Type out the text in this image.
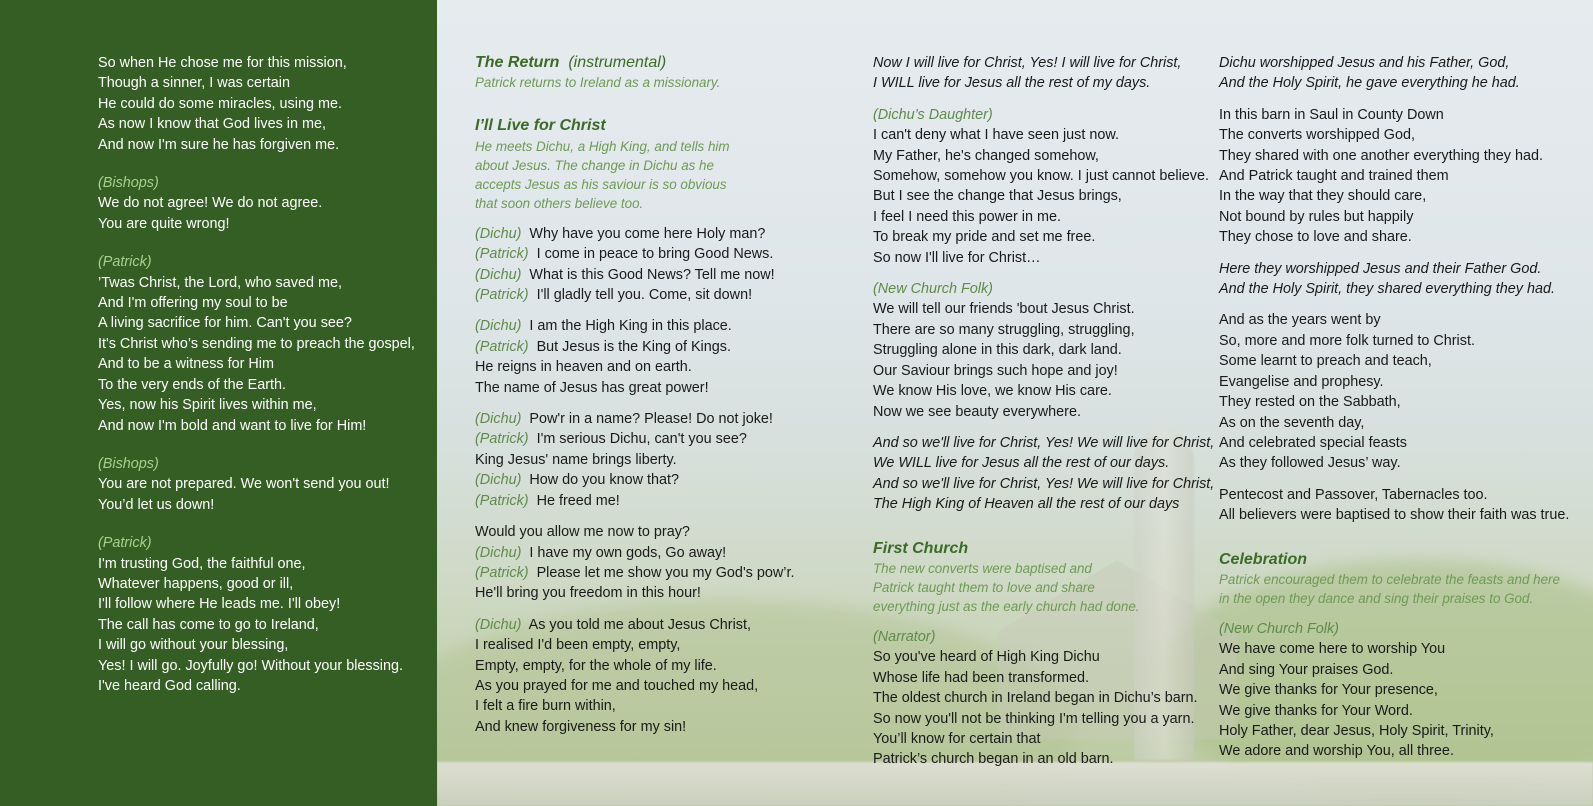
So when He chose me for this mission,
Though a sinner, I was certain
He could do some miracles, using me.
As now I know that God lives in me,
And now I'm sure he has forgiven me.
(Bishops)
We do not agree! We do not agree.
You are quite wrong!
(Patrick)
’Twas Christ, the Lord, who saved me,
And I'm offering my soul to be
A living sacrifice for him. Can't you see?
It's Christ who’s sending me to preach the gospel,
And to be a witness for Him
To the very ends of the Earth.
Yes, now his Spirit lives within me,
And now I'm bold and want to live for Him!
(Bishops)
You are not prepared. We won't send you out!
You’d let us down!
(Patrick)
I'm trusting God, the faithful one,
Whatever happens, good or ill,
I'll follow where He leads me. I'll obey!
The call has come to go to Ireland,
I will go without your blessing,
Yes! I will go. Joyfully go! Without your blessing.
I've heard God calling.
The Return (instrumental)
Patrick returns to Ireland as a missionary.
I’ll Live for Christ
He meets Dichu, a High King, and tells him
about Jesus. The change in Dichu as he
accepts Jesus as his saviour is so obvious
that soon others believe too.
(Dichu) Why have you come here Holy man?
(Patrick) I come in peace to bring Good News.
(Dichu) What is this Good News? Tell me now!
(Patrick) I'll gladly tell you. Come, sit down!
(Dichu) I am the High King in this place.
(Patrick) But Jesus is the King of Kings.
He reigns in heaven and on earth.
The name of Jesus has great power!
(Dichu) Pow'r in a name? Please! Do not joke!
(Patrick) I'm serious Dichu, can't you see?
King Jesus' name brings liberty.
(Dichu) How do you know that?
(Patrick) He freed me!
Would you allow me now to pray?
(Dichu) I have my own gods, Go away!
(Patrick) Please let me show you my God's pow’r.
He'll bring you freedom in this hour!
(Dichu) As you told me about Jesus Christ,
I realised I'd been empty, empty,
Empty, empty, for the whole of my life.
As you prayed for me and touched my head,
I felt a fire burn within,
And knew forgiveness for my sin!
Now I will live for Christ, Yes! I will live for Christ,
I WILL live for Jesus all the rest of my days.
(Dichu’s Daughter)
I can't deny what I have seen just now.
My Father, he's changed somehow,
Somehow, somehow you know. I just cannot believe.
But I see the change that Jesus brings,
I feel I need this power in me.
To break my pride and set me free.
So now I'll live for Christ…
(New Church Folk)
We will tell our friends 'bout Jesus Christ.
There are so many struggling, struggling,
Struggling alone in this dark, dark land.
Our Saviour brings such hope and joy!
We know His love, we know His care.
Now we see beauty everywhere.
And so we'll live for Christ, Yes! We will live for Christ,
We WILL live for Jesus all the rest of our days.
And so we'll live for Christ, Yes! We will live for Christ,
The High King of Heaven all the rest of our days
First Church
The new converts were baptised and
Patrick taught them to love and share
everything just as the early church had done.
(Narrator)
So you've heard of High King Dichu
Whose life had been transformed.
The oldest church in Ireland began in Dichu’s barn.
So now you'll not be thinking I'm telling you a yarn.
You’ll know for certain that
Patrick’s church began in an old barn.
Dichu worshipped Jesus and his Father, God,
And the Holy Spirit, he gave everything he had.
In this barn in Saul in County Down
The converts worshipped God,
They shared with one another everything they had.
And Patrick taught and trained them
In the way that they should care,
Not bound by rules but happily
They chose to love and share.
Here they worshipped Jesus and their Father God.
And the Holy Spirit, they shared everything they had.
And as the years went by
So, more and more folk turned to Christ.
Some learnt to preach and teach,
Evangelise and prophesy.
They rested on the Sabbath,
As on the seventh day,
And celebrated special feasts
As they followed Jesus’ way.
Pentecost and Passover, Tabernacles too.
All believers were baptised to show their faith was true.
Celebration
Patrick encouraged them to celebrate the feasts and here
in the open they dance and sing their praises to God.
(New Church Folk)
We have come here to worship You
And sing Your praises God.
We give thanks for Your presence,
We give thanks for Your Word.
Holy Father, dear Jesus, Holy Spirit, Trinity,
We adore and worship You, all three.
